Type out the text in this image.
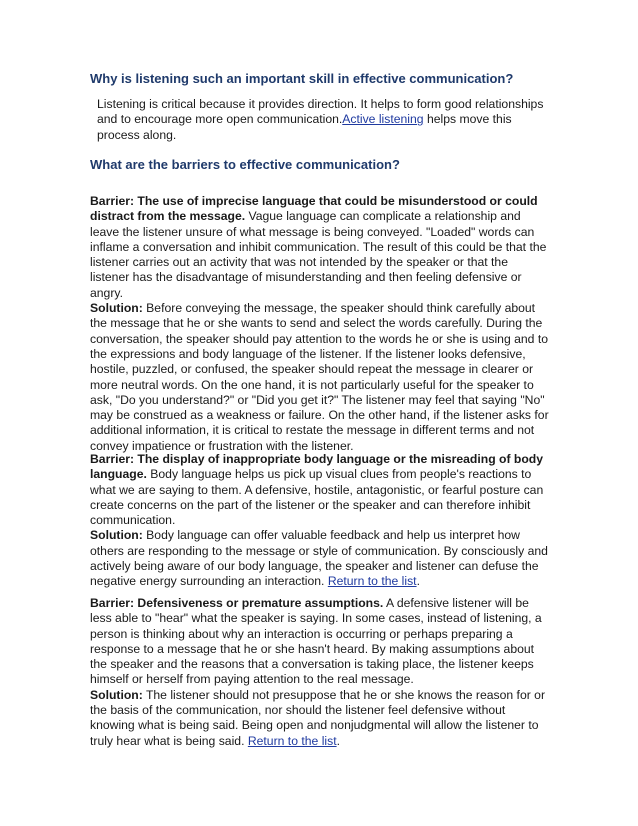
Why is listening such an important skill in effective communication?

Listening is critical because it provides direction. It helps to form good relationships and to encourage more open communication.Active listening helps move this process along.

What are the barriers to effective communication?

Barrier: The use of imprecise language that could be misunderstood or could distract from the message. Vague language can complicate a relationship and leave the listener unsure of what message is being conveyed. "Loaded" words can inflame a conversation and inhibit communication. The result of this could be that the listener carries out an activity that was not intended by the speaker or that the listener has the disadvantage of misunderstanding and then feeling defensive or angry.
Solution: Before conveying the message, the speaker should think carefully about the message that he or she wants to send and select the words carefully. During the conversation, the speaker should pay attention to the words he or she is using and to the expressions and body language of the listener. If the listener looks defensive, hostile, puzzled, or confused, the speaker should repeat the message in clearer or more neutral words. On the one hand, it is not particularly useful for the speaker to ask, "Do you understand?" or "Did you get it?" The listener may feel that saying "No" may be construed as a weakness or failure. On the other hand, if the listener asks for additional information, it is critical to restate the message in different terms and not convey impatience or frustration with the listener.

Barrier: The display of inappropriate body language or the misreading of body language. Body language helps us pick up visual clues from people's reactions to what we are saying to them. A defensive, hostile, antagonistic, or fearful posture can create concerns on the part of the listener or the speaker and can therefore inhibit communication.
Solution: Body language can offer valuable feedback and help us interpret how others are responding to the message or style of communication. By consciously and actively being aware of our body language, the speaker and listener can defuse the negative energy surrounding an interaction. Return to the list.

Barrier: Defensiveness or premature assumptions. A defensive listener will be less able to "hear" what the speaker is saying. In some cases, instead of listening, a person is thinking about why an interaction is occurring or perhaps preparing a response to a message that he or she hasn't heard. By making assumptions about the speaker and the reasons that a conversation is taking place, the listener keeps himself or herself from paying attention to the real message.
Solution: The listener should not presuppose that he or she knows the reason for or the basis of the communication, nor should the listener feel defensive without knowing what is being said. Being open and nonjudgmental will allow the listener to truly hear what is being said. Return to the list.
